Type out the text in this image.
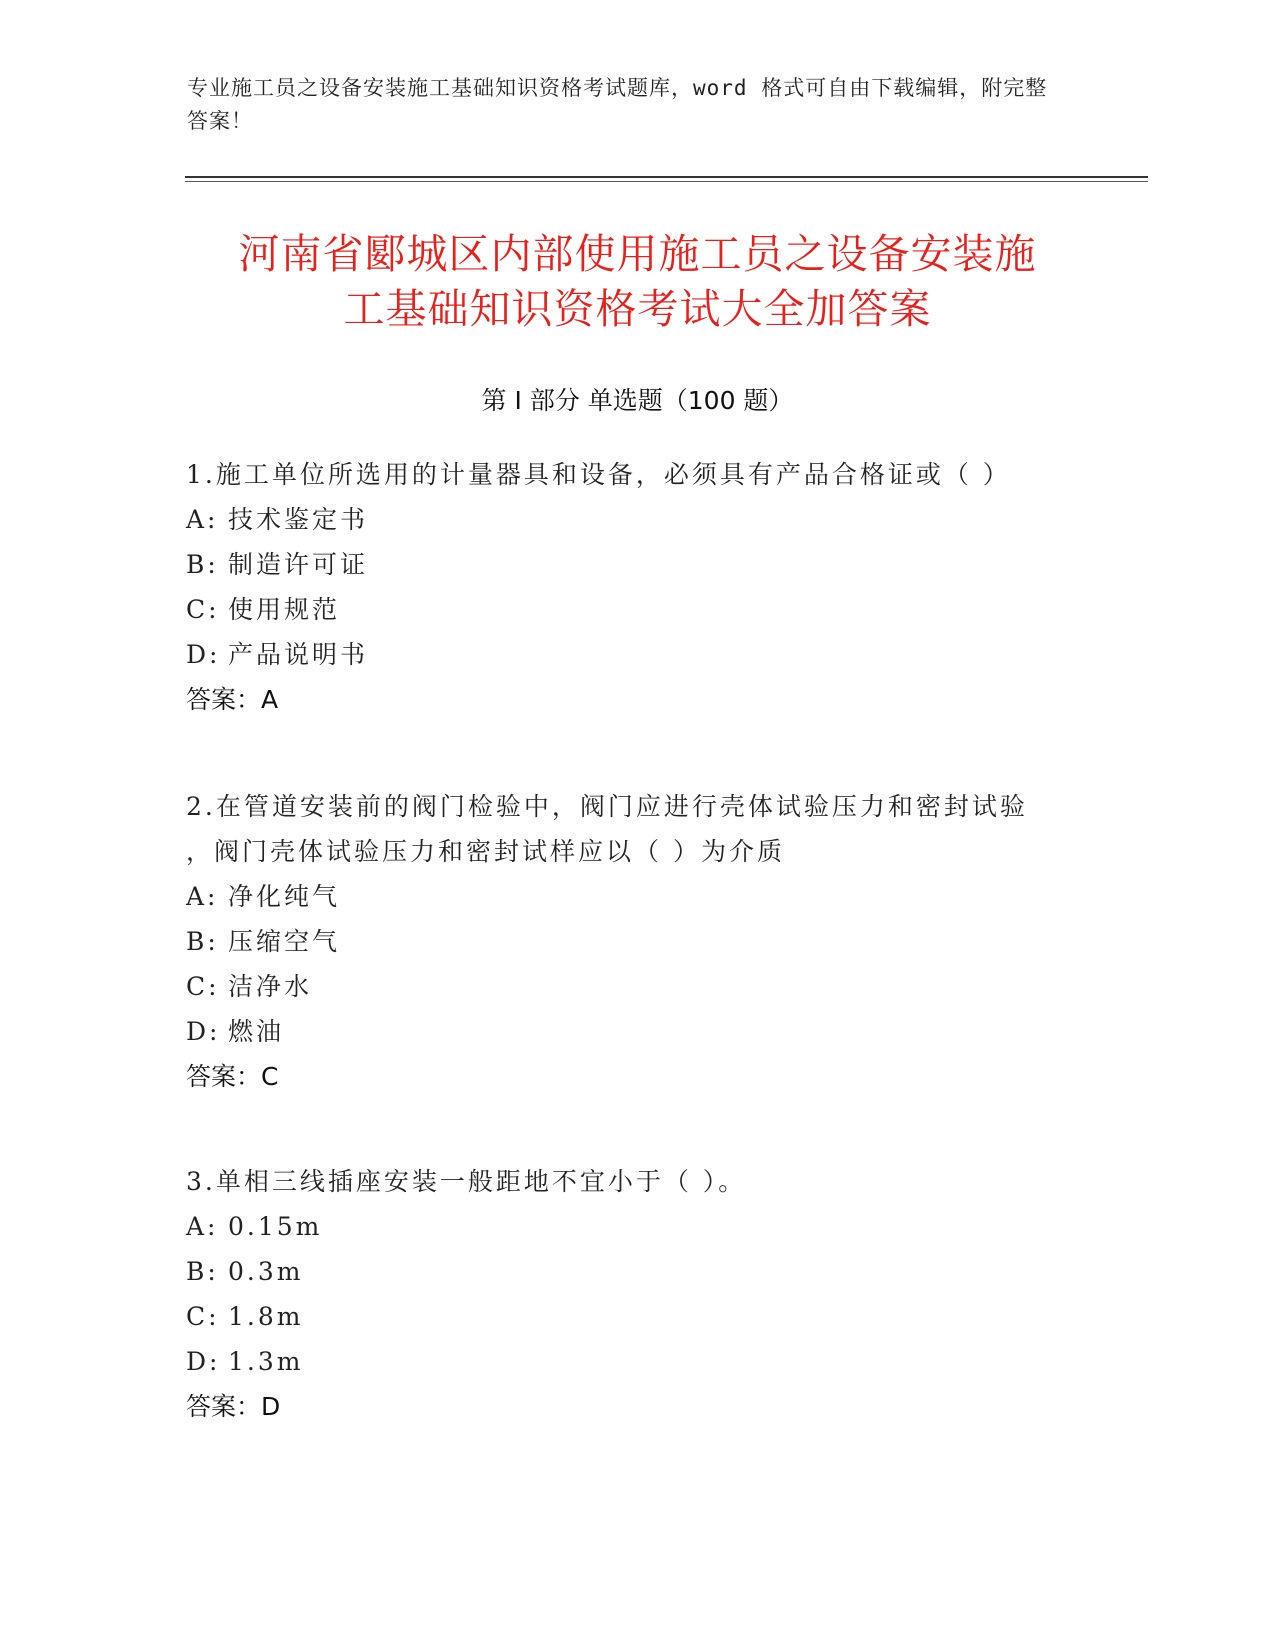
专业施工员之设备安装施工基础知识资格考试题库，word 格式可自由下载编辑，附完整答案！
河南省郾城区内部使用施工员之设备安装施
工基础知识资格考试大全加答案
第 I 部分 单选题（100 题）
1.施工单位所选用的计量器具和设备，必须具有产品合格证或（ ）
A: 技术鉴定书
B: 制造许可证
C: 使用规范
D: 产品说明书
答案：A
2.在管道安装前的阀门检验中，阀门应进行壳体试验压力和密封试验
，阀门壳体试验压力和密封试样应以（ ）为介质
A: 净化纯气
B: 压缩空气
C: 洁净水
D: 燃油
答案：C
3.单相三线插座安装一般距地不宜小于（ ）。
A: 0.15m
B: 0.3m
C: 1.8m
D: 1.3m
答案：D
